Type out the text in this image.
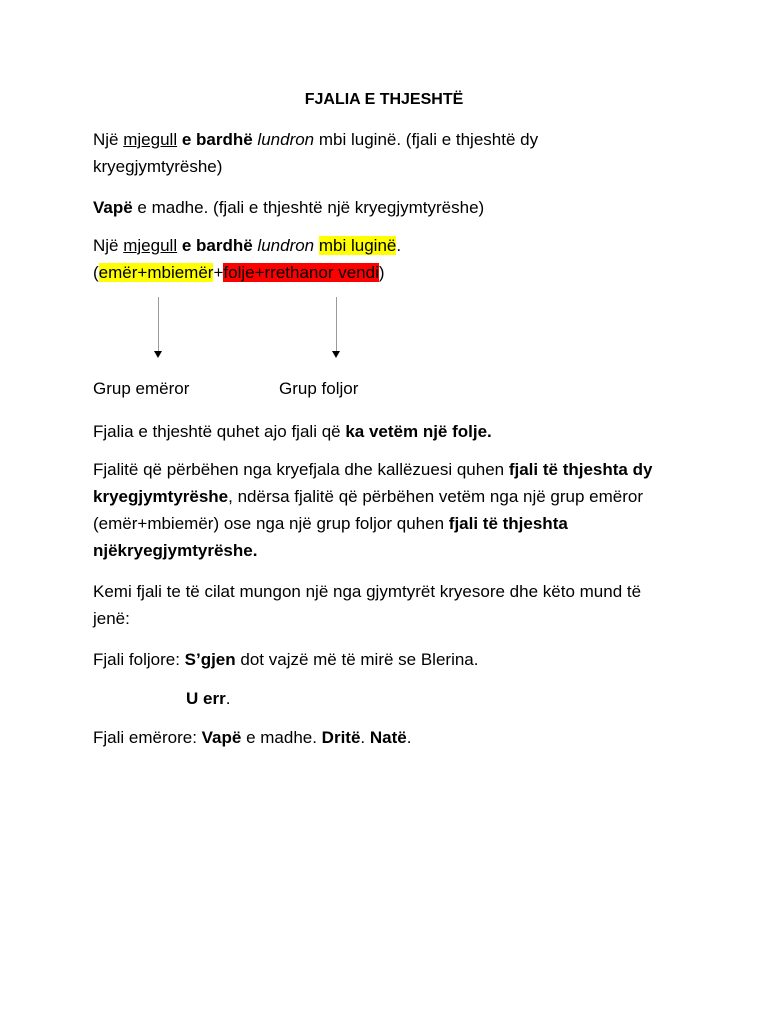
FJALIA E THJESHTË
Një mjegull e bardhë lundron mbi luginë. (fjali e thjeshtë dy
kryegjymtyrëshe)
Vapë e madhe. (fjali e thjeshtë një kryegjymtyrëshe)
Një mjegull e bardhë lundron mbi luginë.
(emër+mbiemër+folje+rrethanor vendi)
Grup emëror	Grup foljor
Fjalia e thjeshtë quhet ajo fjali që ka vetëm një folje.
Fjalitë që përbëhen nga kryefjala dhe kallëzuesi quhen fjali të thjeshta dy kryegjymtyrëshe, ndërsa fjalitë që përbëhen vetëm nga një grup emëror (emër+mbiemër) ose nga një grup foljor quhen fjali të thjeshta njëkryegjymtyrëshe.
Kemi fjali te të cilat mungon një nga gjymtyrët kryesore dhe këto mund të jenë:
Fjali foljore: S’gjen dot vajzë më të mirë se Blerina.
U err.
Fjali emërore: Vapë e madhe. Dritë. Natë.
